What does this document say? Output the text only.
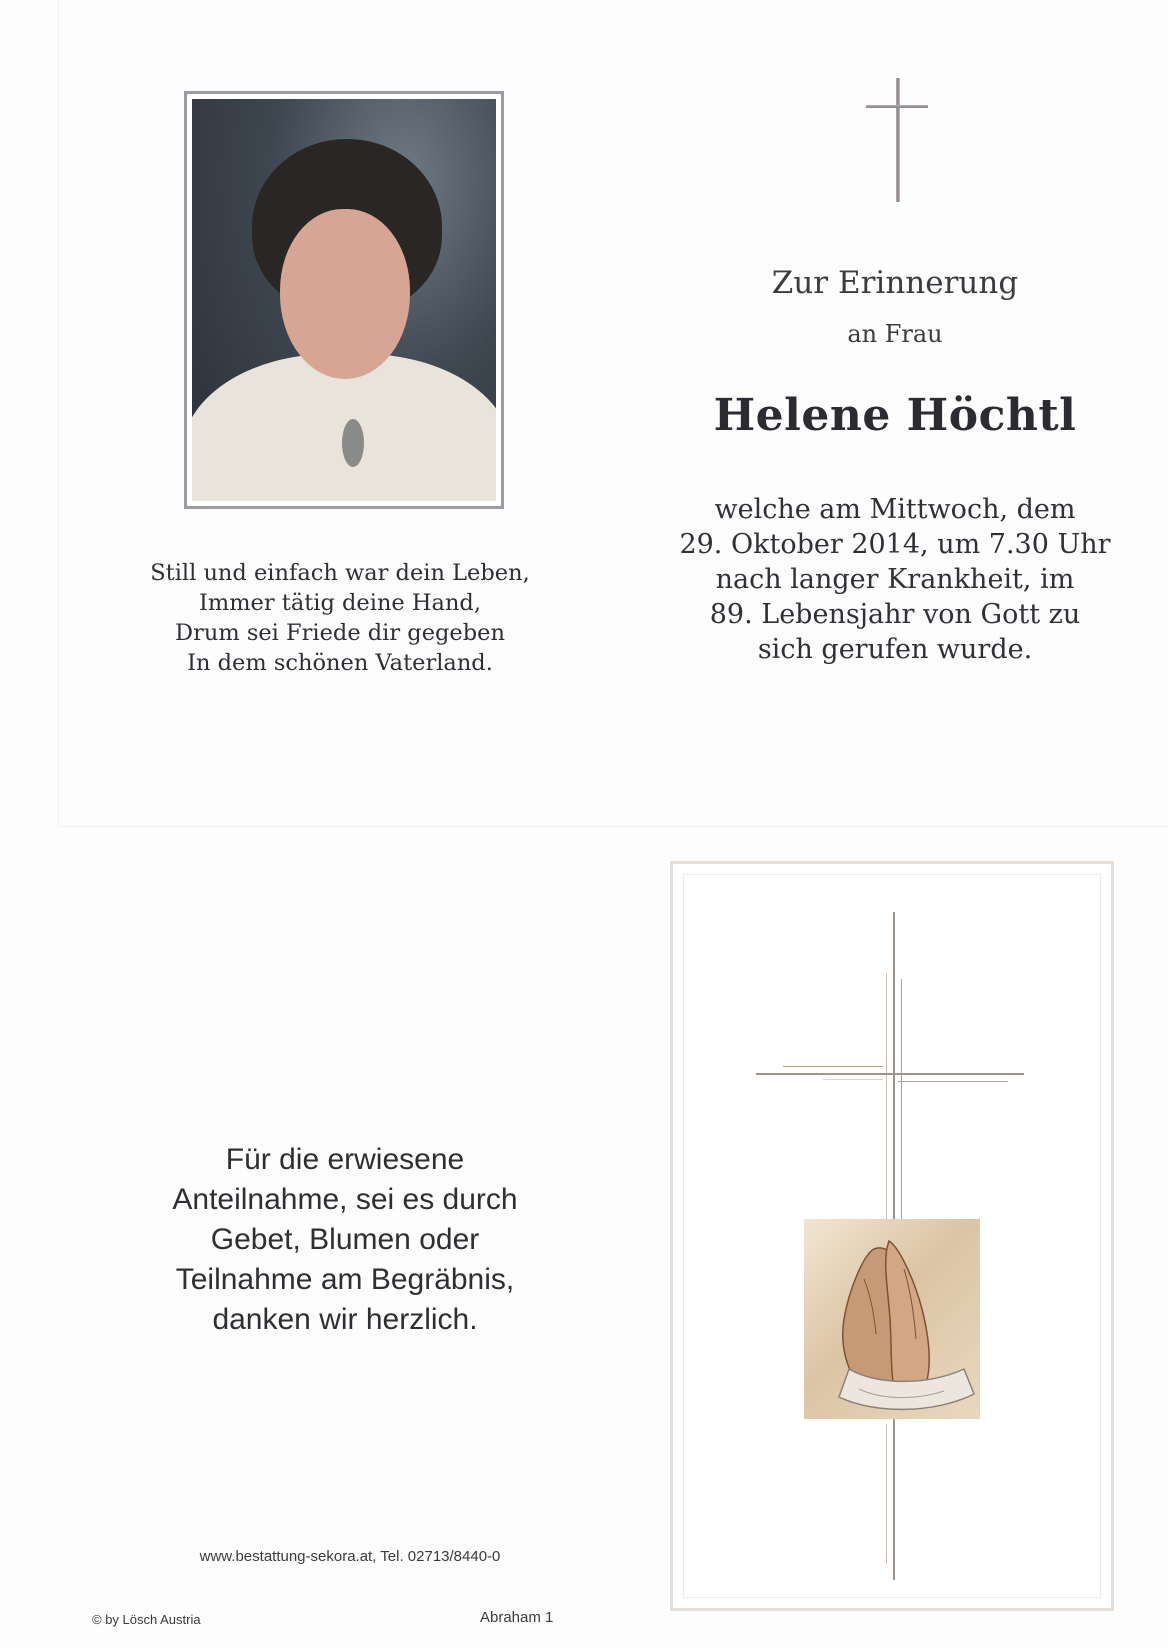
Still und einfach war dein Leben,
Immer tätig deine Hand,
Drum sei Friede dir gegeben
In dem schönen Vaterland.
Zur Erinnerung
an Frau
Helene Höchtl
welche am Mittwoch, dem
29. Oktober 2014, um 7.30 Uhr
nach langer Krankheit, im
89. Lebensjahr von Gott zu
sich gerufen wurde.
Für die erwiesene
Anteilnahme, sei es durch
Gebet, Blumen oder
Teilnahme am Begräbnis,
danken wir herzlich.
www.bestattung-sekora.at, Tel. 02713/8440-0
© by Lösch Austria	Abraham 1
